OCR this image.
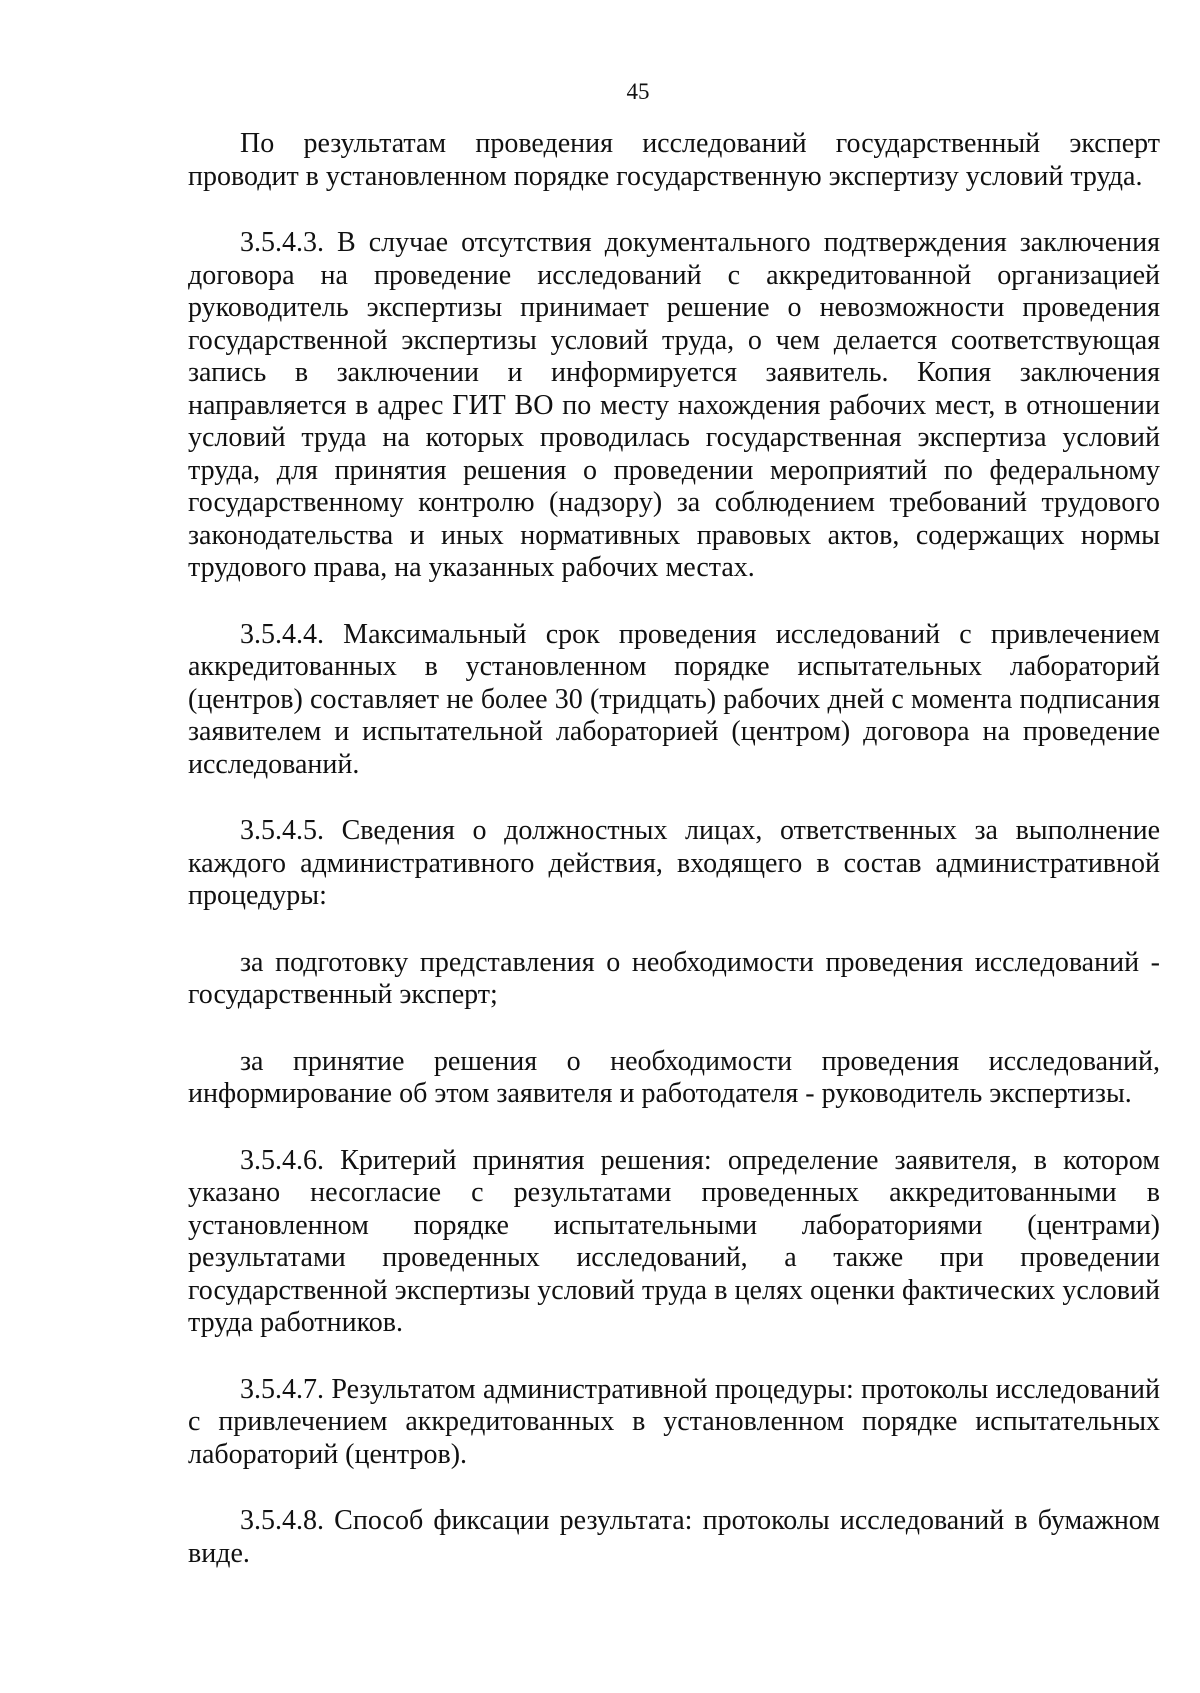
45

По результатам проведения исследований государственный эксперт проводит в установленном порядке государственную экспертизу условий труда.

3.5.4.3. В случае отсутствия документального подтверждения заключения договора на проведение исследований с аккредитованной организацией руководитель экспертизы принимает решение о невозможности проведения государственной экспертизы условий труда, о чем делается соответствующая запись в заключении и информируется заявитель. Копия заключения направляется в адрес ГИТ ВО по месту нахождения рабочих мест, в отношении условий труда на которых проводилась государственная экспертиза условий труда, для принятия решения о проведении мероприятий по федеральному государственному контролю (надзору) за соблюдением требований трудового законодательства и иных нормативных правовых актов, содержащих нормы трудового права, на указанных рабочих местах.

3.5.4.4. Максимальный срок проведения исследований с привлечением аккредитованных в установленном порядке испытательных лабораторий (центров) составляет не более 30 (тридцать) рабочих дней с момента подписания заявителем и испытательной лабораторией (центром) договора на проведение исследований.

3.5.4.5. Сведения о должностных лицах, ответственных за выполнение каждого административного действия, входящего в состав административной процедуры:

за подготовку представления о необходимости проведения исследований - государственный эксперт;

за принятие решения о необходимости проведения исследований, информирование об этом заявителя и работодателя - руководитель экспертизы.

3.5.4.6. Критерий принятия решения: определение заявителя, в котором указано несогласие с результатами проведенных аккредитованными в установленном порядке испытательными лабораториями (центрами) результатами проведенных исследований, а также при проведении государственной экспертизы условий труда в целях оценки фактических условий труда работников.

3.5.4.7. Результатом административной процедуры: протоколы исследований с привлечением аккредитованных в установленном порядке испытательных лабораторий (центров).

3.5.4.8. Способ фиксации результата: протоколы исследований в бумажном виде.
